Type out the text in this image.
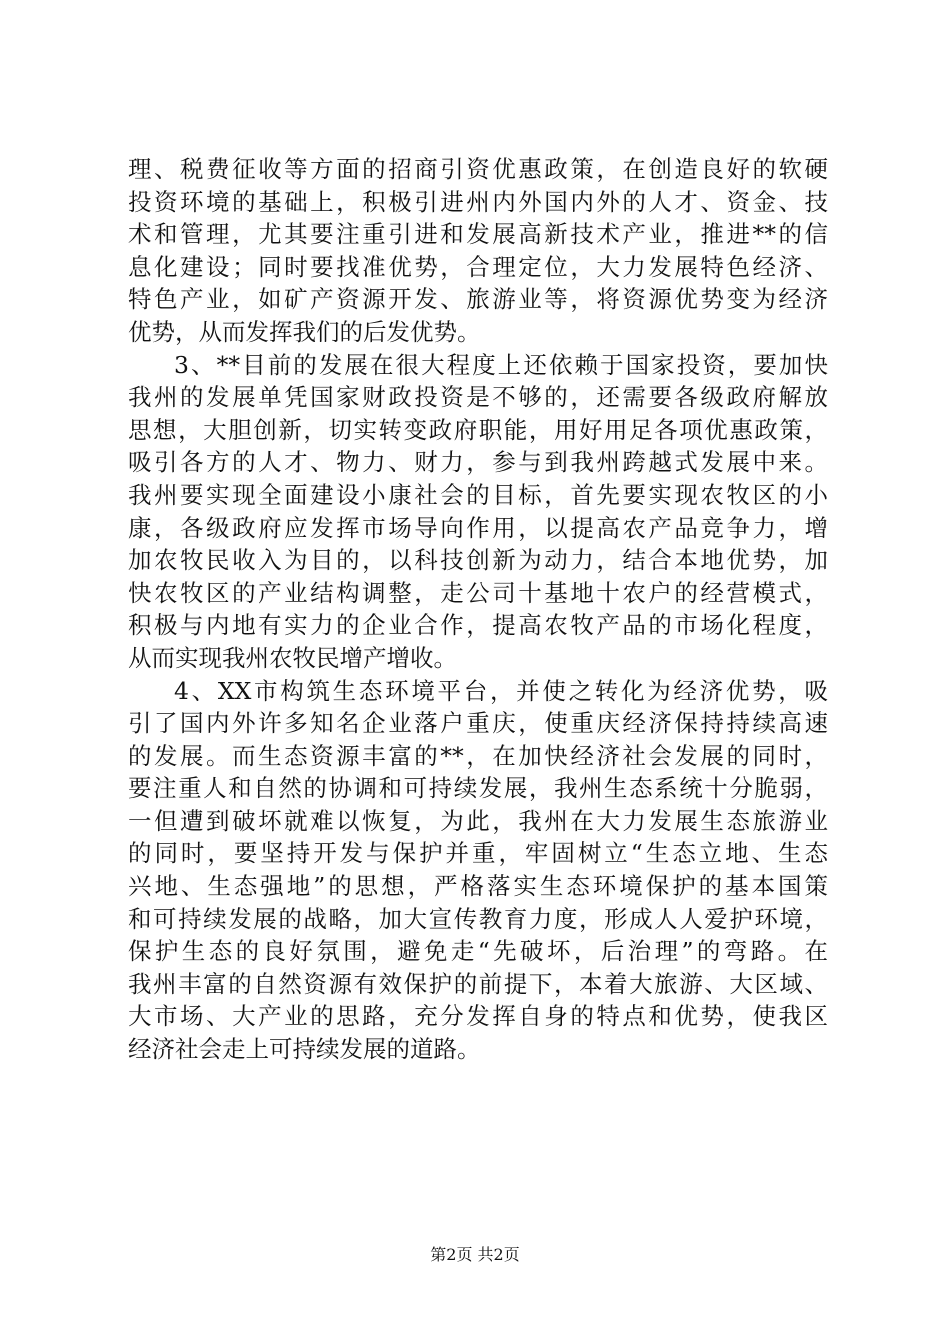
理、税费征收等方面的招商引资优惠政策，在创造良好的软硬
投资环境的基础上，积极引进州内外国内外的人才、资金、技
术和管理，尤其要注重引进和发展高新技术产业，推进**的信
息化建设；同时要找准优势，合理定位，大力发展特色经济、
特色产业，如矿产资源开发、旅游业等，将资源优势变为经济
优势，从而发挥我们的后发优势。
3、**目前的发展在很大程度上还依赖于国家投资，要加快
我州的发展单凭国家财政投资是不够的，还需要各级政府解放
思想，大胆创新，切实转变政府职能，用好用足各项优惠政策，
吸引各方的人才、物力、财力，参与到我州跨越式发展中来。
我州要实现全面建设小康社会的目标，首先要实现农牧区的小
康，各级政府应发挥市场导向作用，以提高农产品竞争力，增
加农牧民收入为目的，以科技创新为动力，结合本地优势，加
快农牧区的产业结构调整，走公司十基地十农户的经营模式，
积极与内地有实力的企业合作，提高农牧产品的市场化程度，
从而实现我州农牧民增产增收。
4、XX市构筑生态环境平台，并使之转化为经济优势，吸
引了国内外许多知名企业落户重庆，使重庆经济保持持续高速
的发展。而生态资源丰富的**，在加快经济社会发展的同时，
要注重人和自然的协调和可持续发展，我州生态系统十分脆弱，
一但遭到破坏就难以恢复，为此，我州在大力发展生态旅游业
的同时，要坚持开发与保护并重，牢固树立“生态立地、生态
兴地、生态强地”的思想，严格落实生态环境保护的基本国策
和可持续发展的战略，加大宣传教育力度，形成人人爱护环境，
保护生态的良好氛围，避免走“先破坏，后治理”的弯路。在
我州丰富的自然资源有效保护的前提下，本着大旅游、大区域、
大市场、大产业的思路，充分发挥自身的特点和优势，使我区
经济社会走上可持续发展的道路。
第2页 共2页
